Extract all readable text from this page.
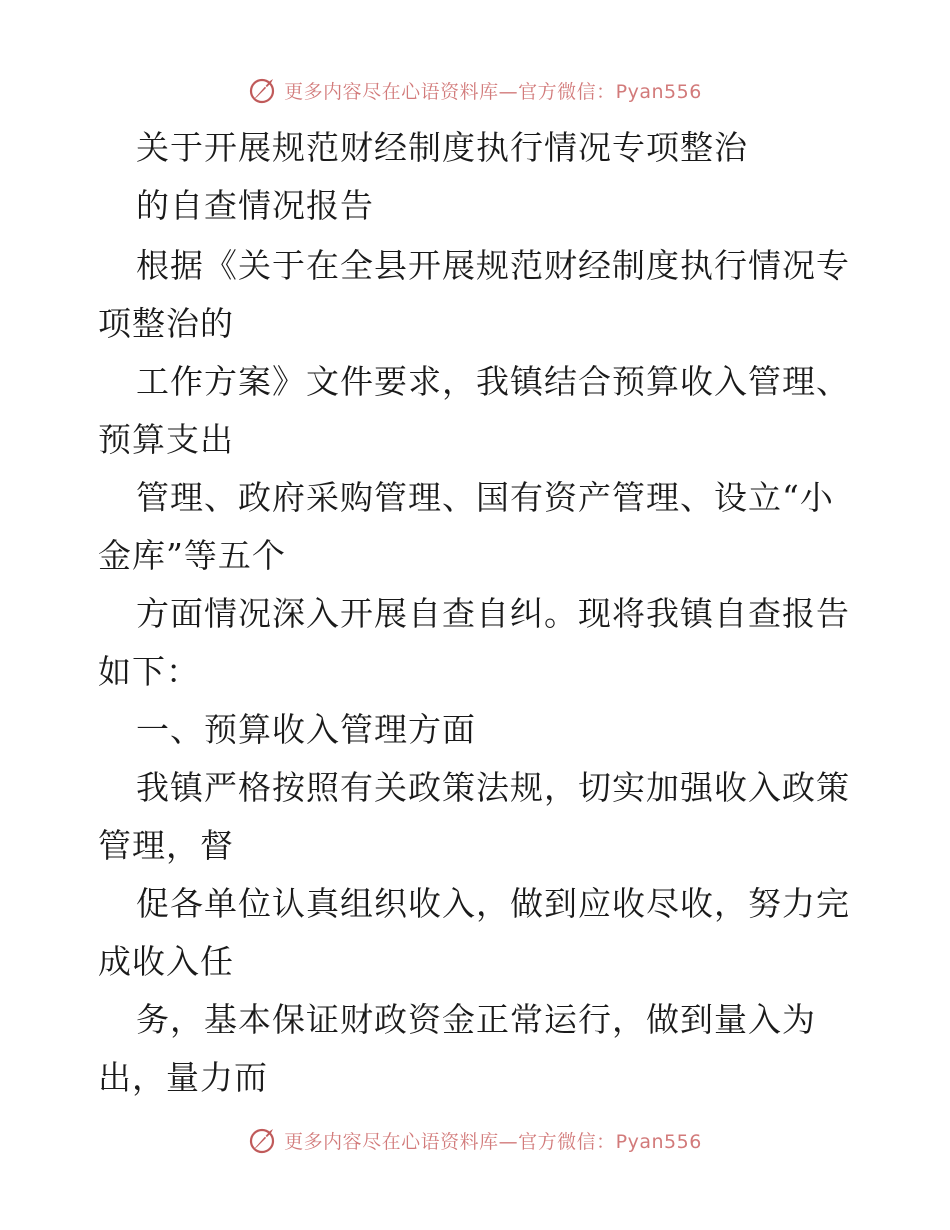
更多内容尽在心语资料库—官方微信：Pyan556
关于开展规范财经制度执行情况专项整治
的自查情况报告
根据《关于在全县开展规范财经制度执行情况专
项整治的
工作方案》文件要求，我镇结合预算收入管理、
预算支出
管理、政府采购管理、国有资产管理、设立“小
金库”等五个
方面情况深入开展自查自纠。现将我镇自查报告
如下：
一、预算收入管理方面
我镇严格按照有关政策法规，切实加强收入政策
管理，督
促各单位认真组织收入，做到应收尽收，努力完
成收入任
务，基本保证财政资金正常运行，做到量入为
出，量力而
更多内容尽在心语资料库—官方微信：Pyan556
